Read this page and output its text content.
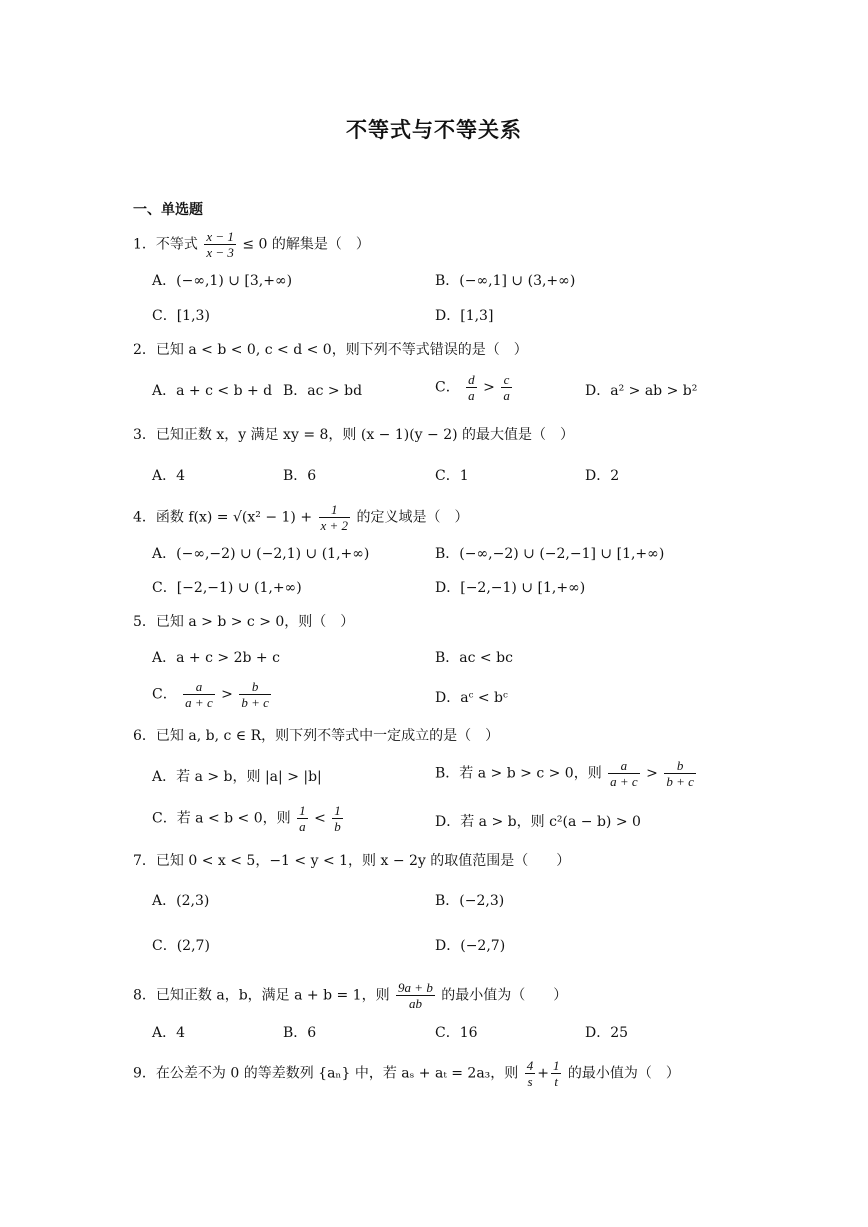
不等式与不等关系
一、单选题
1．不等式 $\frac{x - 1}{x - 3} \le 0$ 的解集是（　）
A．(−∞,1) ∪ [3,+∞)	B．(−∞,1] ∪ (3,+∞)
C．[1,3)	D．[1,3]
2．已知 a < b < 0, c < d < 0，则下列不等式错误的是（　）
A．a + c < b + d B．ac > bd	C． $\frac{d}{a} > \frac{c}{a}$	D．a² > ab > b²
3．已知正数 x，y 满足 xy = 8，则 (x − 1)(y − 2) 的最大值是（　）
A．4	B．6	C．1	D．2
4．函数 $f(x) = √(x^2 - 1) + \frac{1}{x + 2}$ 的定义域是（　）
A．(−∞,−2) ∪ (−2,1) ∪ (1,+∞)	B．(−∞,−2) ∪ (−2,−1] ∪ [1,+∞)
C．[−2,−1) ∪ (1,+∞)	D．[−2,−1) ∪ [1,+∞)
5．已知 a > b > c > 0，则（　）
A．a + c > 2b + c	B．ac < bc
C． $\frac{a}{a + c} > \frac{b}{b + c}$	D．aᶜ < bᶜ
6．已知 a, b, c ∈ R，则下列不等式中一定成立的是（　）
A．若 a > b，则 |a| > |b|	B．若 a > b > c > 0，则 $\frac{a}{a + c} > \frac{b}{b + c}$
C．若 a < b < 0，则 $\frac{1}{a} < \frac{1}{b}$	D．若 a > b，则 c²(a − b) > 0
7．已知 0 < x < 5，−1 < y < 1，则 x − 2y 的取值范围是（　　）
A．(2,3)	B．(−2,3)
C．(2,7)	D．(−2,7)
8．已知正数 a，b，满足 a + b = 1，则 $\frac{9a + b}{ab}$ 的最小值为（　　）
A．4	B．6	C．16	D．25
9．在公差不为 0 的等差数列 {aₙ} 中，若 aₛ + aₜ = 2a₃，则 $\frac{4}{s} + \frac{1}{t}$ 的最小值为（　）
